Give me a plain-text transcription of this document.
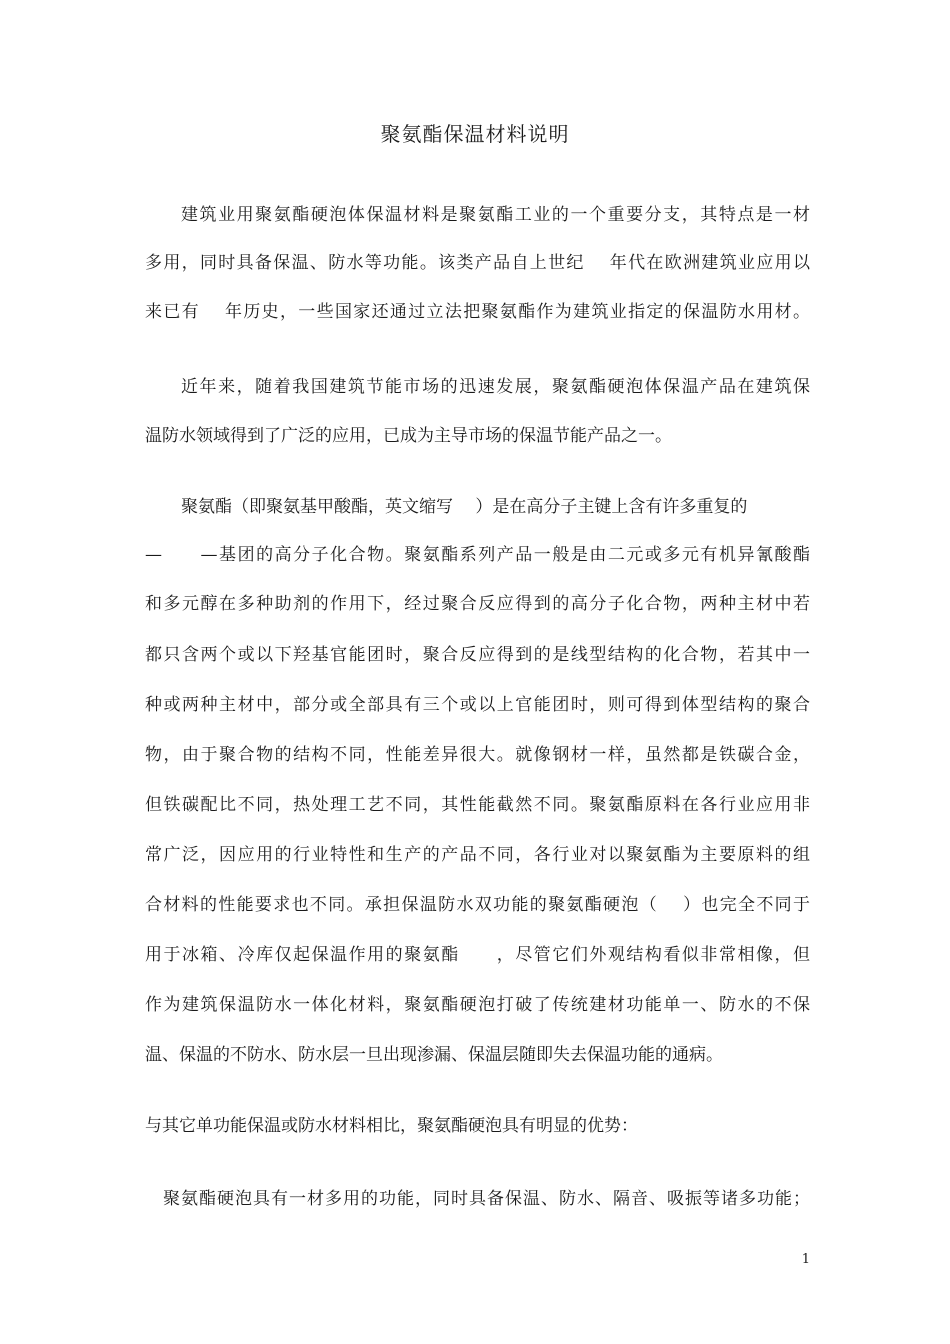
聚氨酯保温材料说明
建筑业用聚氨酯硬泡体保温材料是聚氨酯工业的一个重要分支，其特点是一材
多用，同时具备保温、防水等功能。该类产品自上世纪　 年代在欧洲建筑业应用以
来已有　 年历史，一些国家还通过立法把聚氨酯作为建筑业指定的保温防水用材。
近年来，随着我国建筑节能市场的迅速发展，聚氨酯硬泡体保温产品在建筑保
温防水领域得到了广泛的应用，已成为主导市场的保温节能产品之一。
聚氨酯（即聚氨基甲酸酯，英文缩写　 ）是在高分子主键上含有许多重复的
—　　—基团的高分子化合物。聚氨酯系列产品一般是由二元或多元有机异氰酸酯
和多元醇在多种助剂的作用下，经过聚合反应得到的高分子化合物，两种主材中若
都只含两个或以下羟基官能团时，聚合反应得到的是线型结构的化合物，若其中一
种或两种主材中，部分或全部具有三个或以上官能团时，则可得到体型结构的聚合
物，由于聚合物的结构不同，性能差异很大。就像钢材一样，虽然都是铁碳合金，
但铁碳配比不同，热处理工艺不同，其性能截然不同。聚氨酯原料在各行业应用非
常广泛，因应用的行业特性和生产的产品不同，各行业对以聚氨酯为主要原料的组
合材料的性能要求也不同。承担保温防水双功能的聚氨酯硬泡（　 ）也完全不同于
用于冰箱、冷库仅起保温作用的聚氨酯　　，尽管它们外观结构看似非常相像，但
作为建筑保温防水一体化材料，聚氨酯硬泡打破了传统建材功能单一、防水的不保
温、保温的不防水、防水层一旦出现渗漏、保温层随即失去保温功能的通病。
与其它单功能保温或防水材料相比，聚氨酯硬泡具有明显的优势：
聚氨酯硬泡具有一材多用的功能，同时具备保温、防水、隔音、吸振等诸多功能；
1
